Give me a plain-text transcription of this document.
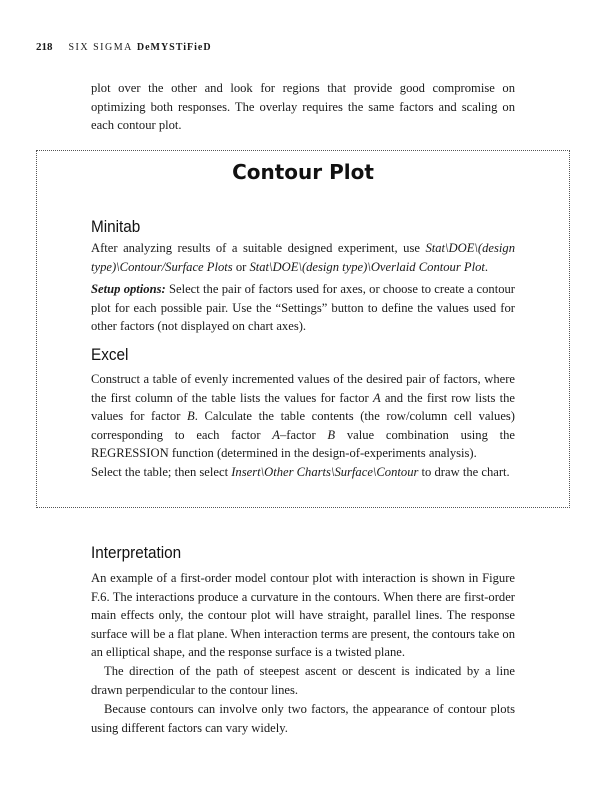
218 SIX SIGMA DeMYSTiFieD

plot over the other and look for regions that provide good compromise on optimizing both responses. The overlay requires the same factors and scaling on each contour plot.

Contour Plot
Minitab

After analyzing results of a suitable designed experiment, use Stat\DOE\(design type)\Contour/Surface Plots or Stat\DOE\(design type)\Overlaid Contour Plot.

Setup options: Select the pair of factors used for axes, or choose to create a contour plot for each possible pair. Use the “Settings” button to define the values used for other factors (not displayed on chart axes).

Excel

Construct a table of evenly incremented values of the desired pair of factors, where the first column of the table lists the values for factor A and the first row lists the values for factor B. Calculate the table contents (the row/column cell values) corresponding to each factor A–factor B value combination using the REGRESSION function (determined in the design-of-experiments analysis).

Select the table; then select Insert\Other Charts\Surface\Contour to draw the chart.

Interpretation

An example of a first-order model contour plot with interaction is shown in Figure F.6. The interactions produce a curvature in the contours. When there are first-order main effects only, the contour plot will have straight, parallel lines. The response surface will be a flat plane. When interaction terms are present, the contours take on an elliptical shape, and the response surface is a twisted plane.

The direction of the path of steepest ascent or descent is indicated by a line drawn perpendicular to the contour lines.

Because contours can involve only two factors, the appearance of contour plots using different factors can vary widely.
